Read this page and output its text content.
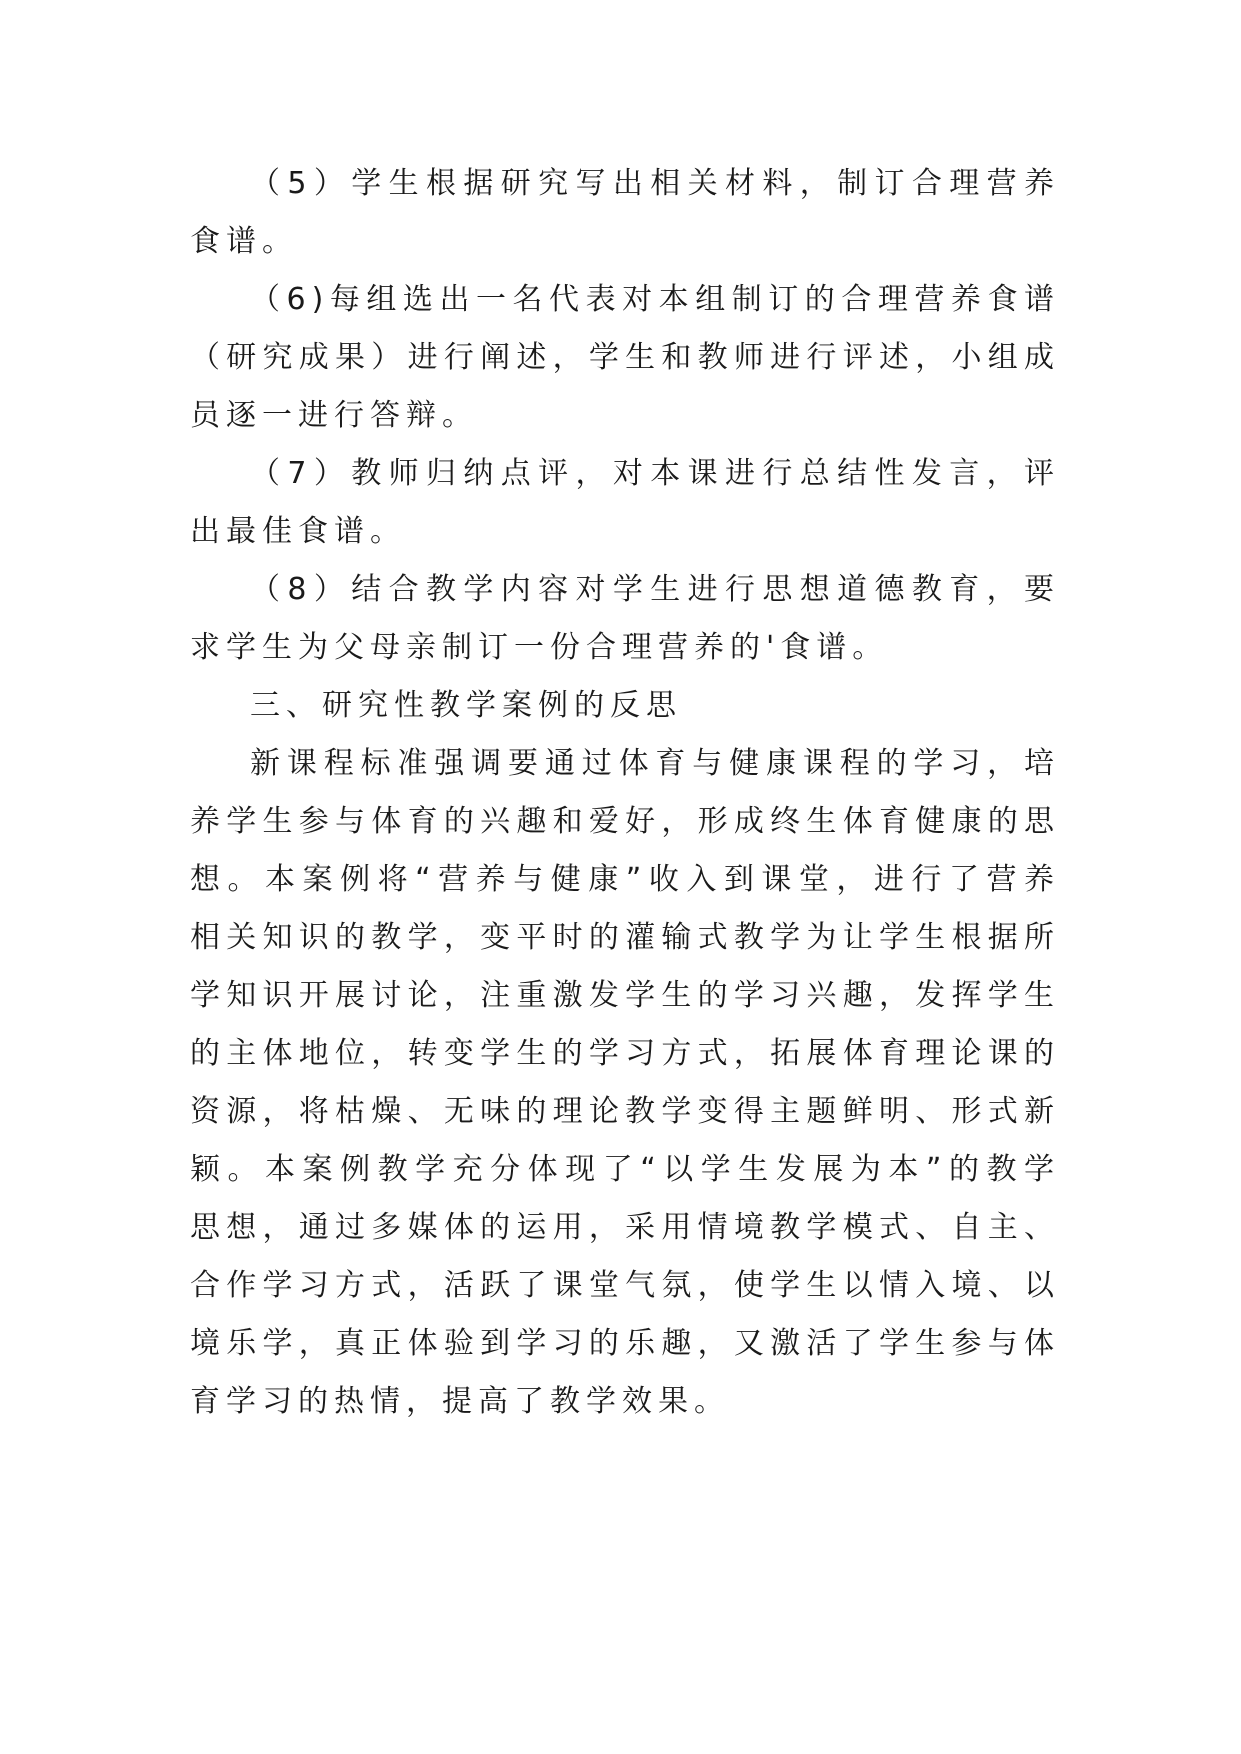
（5）学生根据研究写出相关材料，制订合理营养食谱。

（6)每组选出一名代表对本组制订的合理营养食谱（研究成果）进行阐述，学生和教师进行评述，小组成员逐一进行答辩。

（7）教师归纳点评，对本课进行总结性发言，评出最佳食谱。

（8）结合教学内容对学生进行思想道德教育，要求学生为父母亲制订一份合理营养的'食谱。

三、研究性教学案例的反思

新课程标准强调要通过体育与健康课程的学习，培养学生参与体育的兴趣和爱好，形成终生体育健康的思想。本案例将“营养与健康”收入到课堂，进行了营养相关知识的教学，变平时的灌输式教学为让学生根据所学知识开展讨论，注重激发学生的学习兴趣，发挥学生的主体地位，转变学生的学习方式，拓展体育理论课的资源，将枯燥、无味的理论教学变得主题鲜明、形式新颖。本案例教学充分体现了“以学生发展为本”的教学思想，通过多媒体的运用，采用情境教学模式、自主、合作学习方式，活跃了课堂气氛，使学生以情入境、以境乐学，真正体验到学习的乐趣，又激活了学生参与体育学习的热情，提高了教学效果。
